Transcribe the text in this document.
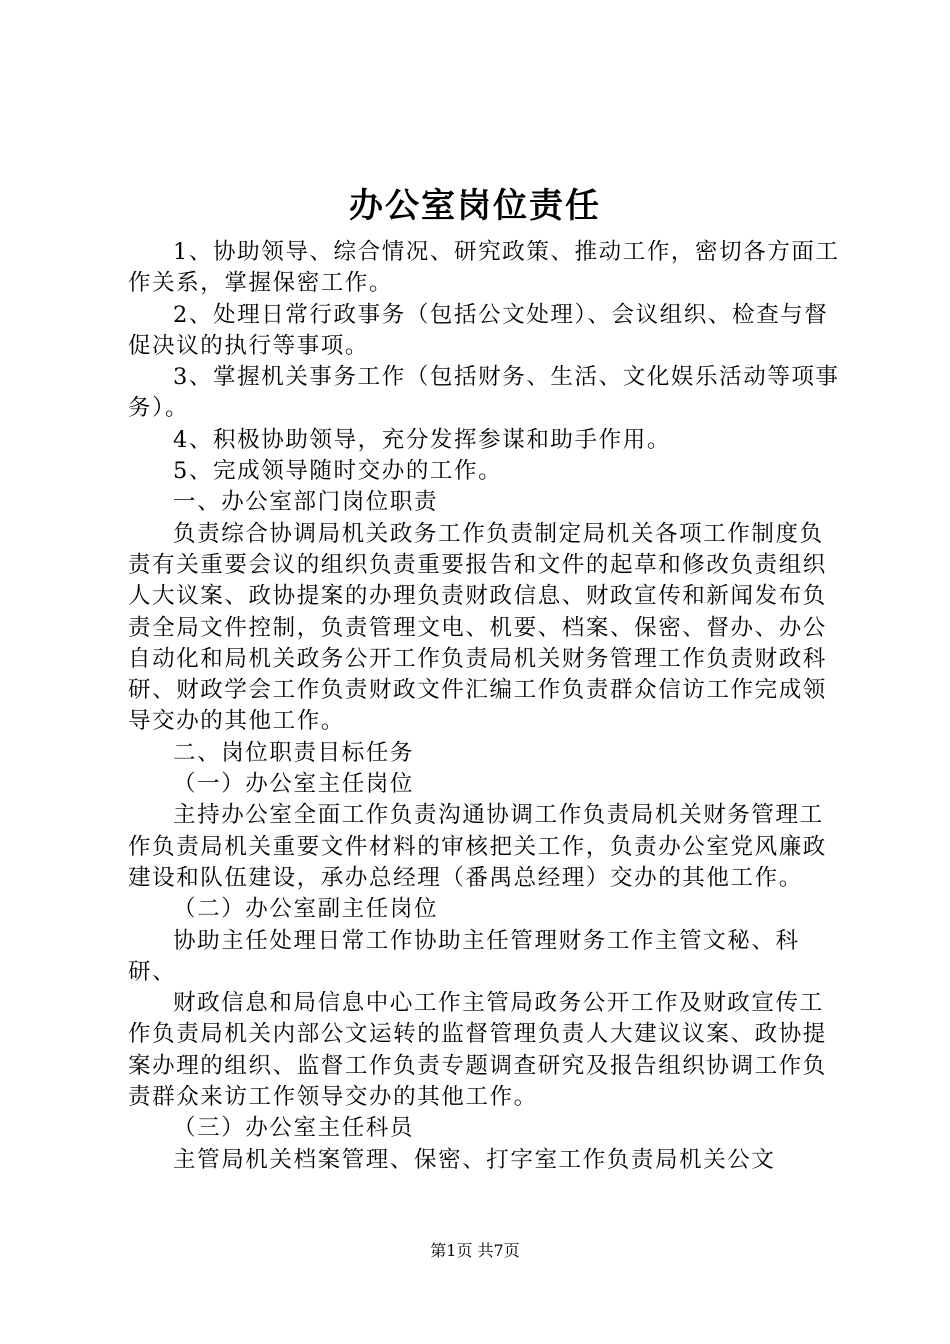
办公室岗位责任

1、协助领导、综合情况、研究政策、推动工作，密切各方面工作关系，掌握保密工作。

2、处理日常行政事务（包括公文处理）、会议组织、检查与督促决议的执行等事项。

3、掌握机关事务工作（包括财务、生活、文化娱乐活动等项事务）。

4、积极协助领导，充分发挥参谋和助手作用。

5、完成领导随时交办的工作。

一、办公室部门岗位职责

负责综合协调局机关政务工作负责制定局机关各项工作制度负责有关重要会议的组织负责重要报告和文件的起草和修改负责组织人大议案、政协提案的办理负责财政信息、财政宣传和新闻发布负责全局文件控制，负责管理文电、机要、档案、保密、督办、办公自动化和局机关政务公开工作负责局机关财务管理工作负责财政科研、财政学会工作负责财政文件汇编工作负责群众信访工作完成领导交办的其他工作。

二、岗位职责目标任务

（一）办公室主任岗位

主持办公室全面工作负责沟通协调工作负责局机关财务管理工作负责局机关重要文件材料的审核把关工作，负责办公室党风廉政建设和队伍建设，承办总经理（番禺总经理）交办的其他工作。

（二）办公室副主任岗位

协助主任处理日常工作协助主任管理财务工作主管文秘、科研、

财政信息和局信息中心工作主管局政务公开工作及财政宣传工作负责局机关内部公文运转的监督管理负责人大建议议案、政协提案办理的组织、监督工作负责专题调查研究及报告组织协调工作负责群众来访工作领导交办的其他工作。

（三）办公室主任科员

主管局机关档案管理、保密、打字室工作负责局机关公文

第1页 共7页
